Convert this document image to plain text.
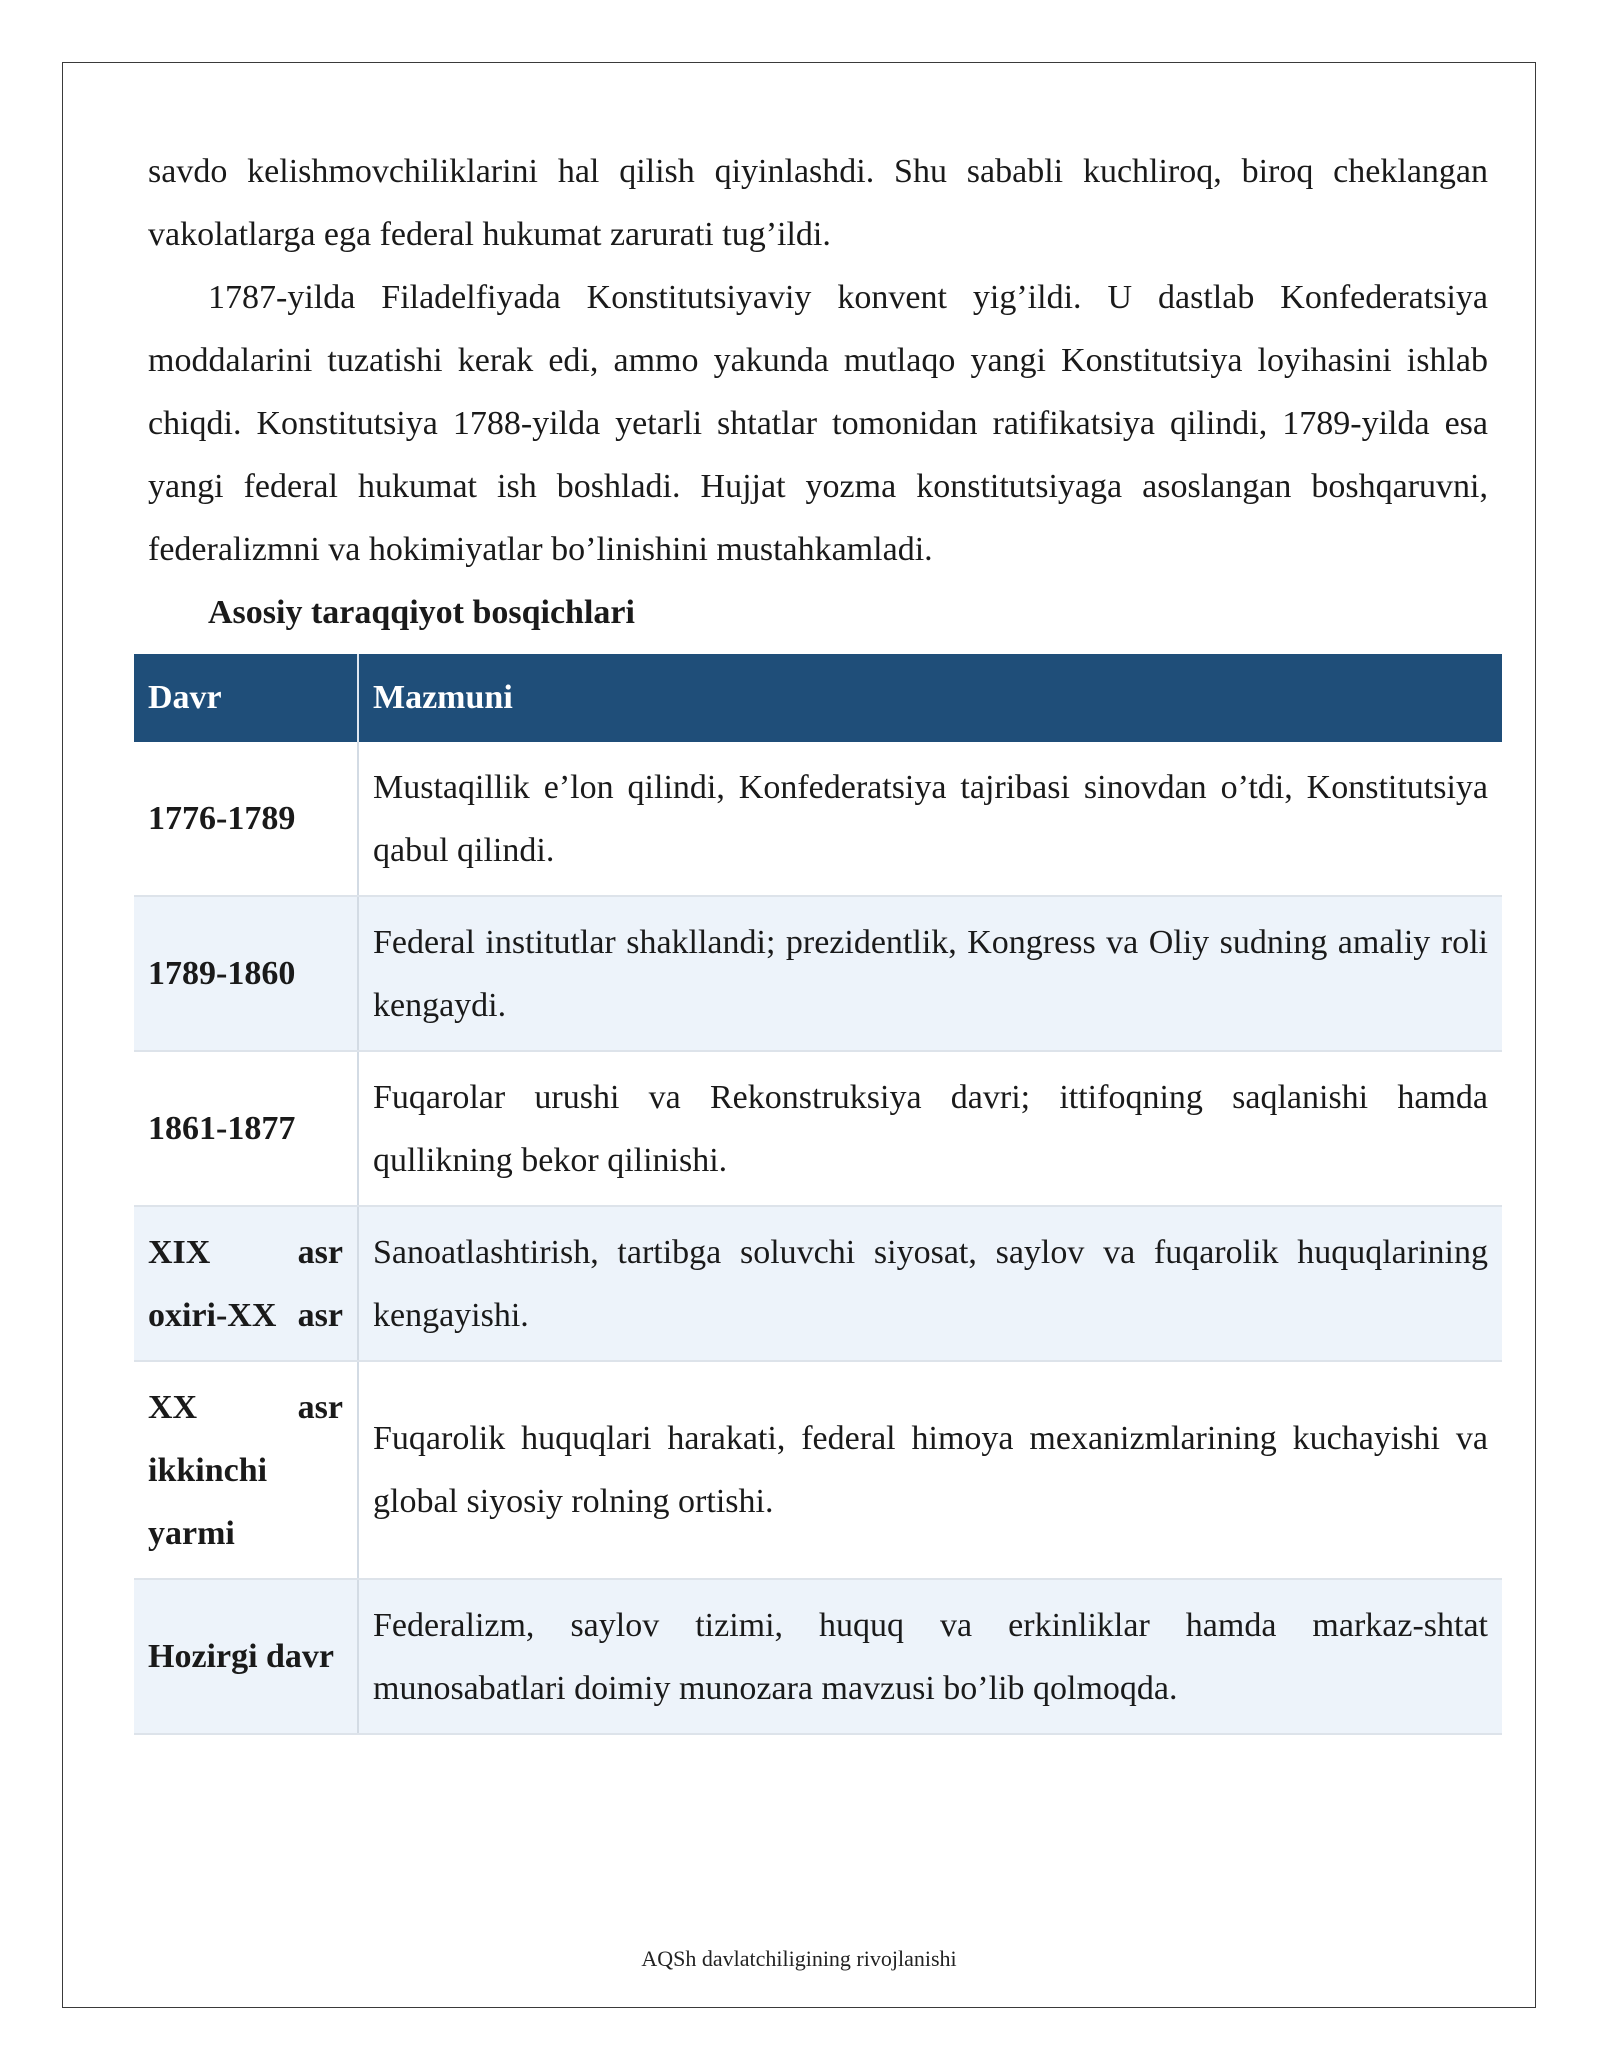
savdo kelishmovchiliklarini hal qilish qiyinlashdi. Shu sababli kuchliroq, biroq cheklangan vakolatlarga ega federal hukumat zarurati tug’ildi.

1787-yilda Filadelfiyada Konstitutsiyaviy konvent yig’ildi. U dastlab Konfederatsiya moddalarini tuzatishi kerak edi, ammo yakunda mutlaqo yangi Konstitutsiya loyihasini ishlab chiqdi. Konstitutsiya 1788-yilda yetarli shtatlar tomonidan ratifikatsiya qilindi, 1789-yilda esa yangi federal hukumat ish boshladi. Hujjat yozma konstitutsiyaga asoslangan boshqaruvni, federalizmni va hokimiyatlar bo’linishini mustahkamladi.

Asosiy taraqqiyot bosqichlari
Davr	Mazmuni
1776-1789	Mustaqillik e’lon qilindi, Konfederatsiya tajribasi sinovdan o’tdi, Konstitutsiya qabul qilindi.
1789-1860	Federal institutlar shakllandi; prezidentlik, Kongress va Oliy sudning amaliy roli kengaydi.
1861-1877	Fuqarolar urushi va Rekonstruksiya davri; ittifoqning saqlanishi hamda qullikning bekor qilinishi.
XIX asr oxiri-XX asr	Sanoatlashtirish, tartibga soluvchi siyosat, saylov va fuqarolik huquqlarining kengayishi.
XX asr ikkinchi yarmi	Fuqarolik huquqlari harakati, federal himoya mexanizmlarining kuchayishi va global siyosiy rolning ortishi.
Hozirgi davr	Federalizm, saylov tizimi, huquq va erkinliklar hamda markaz-shtat munosabatlari doimiy munozara mavzusi bo’lib qolmoqda.
AQSh davlatchiligining rivojlanishi
